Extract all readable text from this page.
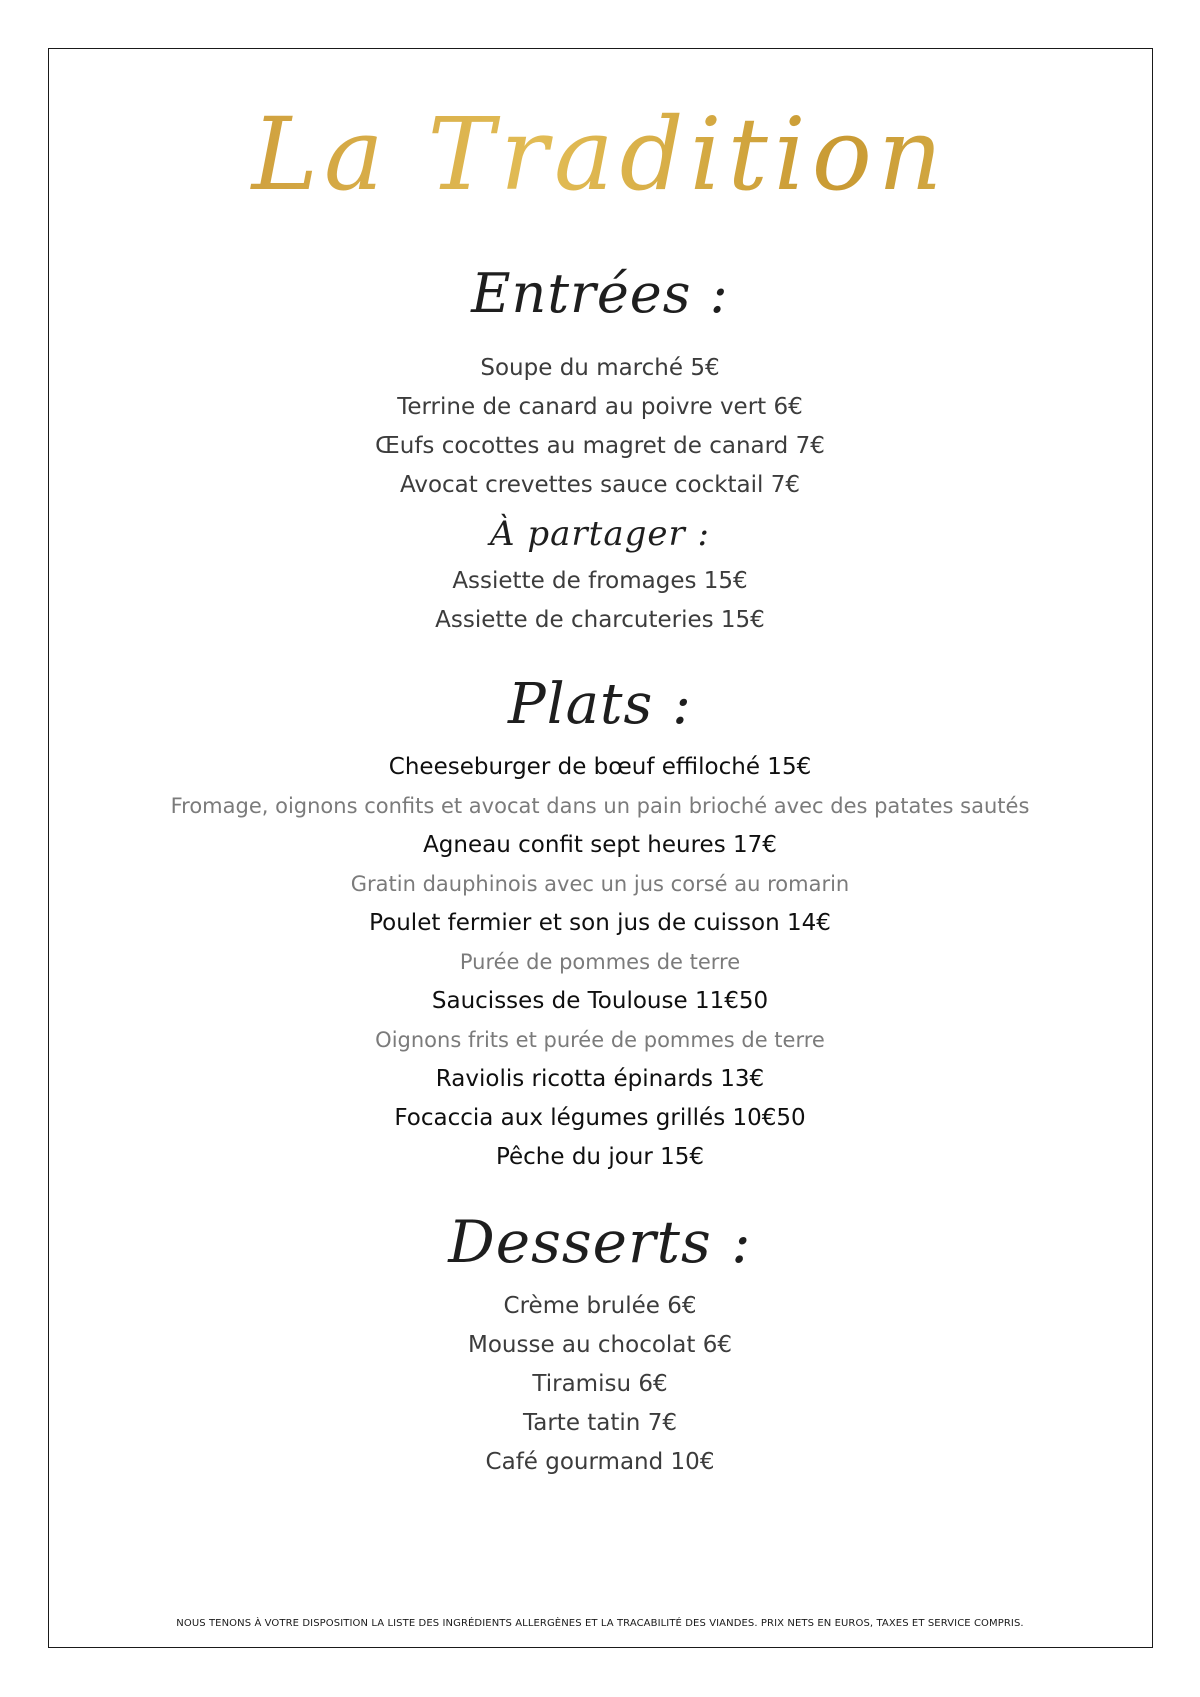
La Tradition
Entrées :
Soupe du marché 5€
Terrine de canard au poivre vert 6€
Œufs cocottes au magret de canard 7€
Avocat crevettes sauce cocktail 7€
À partager :
Assiette de fromages 15€
Assiette de charcuteries 15€
Plats :
Cheeseburger de bœuf effiloché 15€
Fromage, oignons confits et avocat dans un pain brioché avec des patates sautés
Agneau confit sept heures 17€
Gratin dauphinois avec un jus corsé au romarin
Poulet fermier et son jus de cuisson 14€
Purée de pommes de terre
Saucisses de Toulouse 11€50
Oignons frits et purée de pommes de terre
Raviolis ricotta épinards 13€
Focaccia aux légumes grillés 10€50
Pêche du jour 15€
Desserts :
Crème brulée 6€
Mousse au chocolat 6€
Tiramisu 6€
Tarte tatin 7€
Café gourmand 10€
NOUS TENONS À VOTRE DISPOSITION LA LISTE DES INGRÉDIENTS ALLERGÈNES ET LA TRACABILITÉ DES VIANDES. PRIX NETS EN EUROS, TAXES ET SERVICE COMPRIS.
